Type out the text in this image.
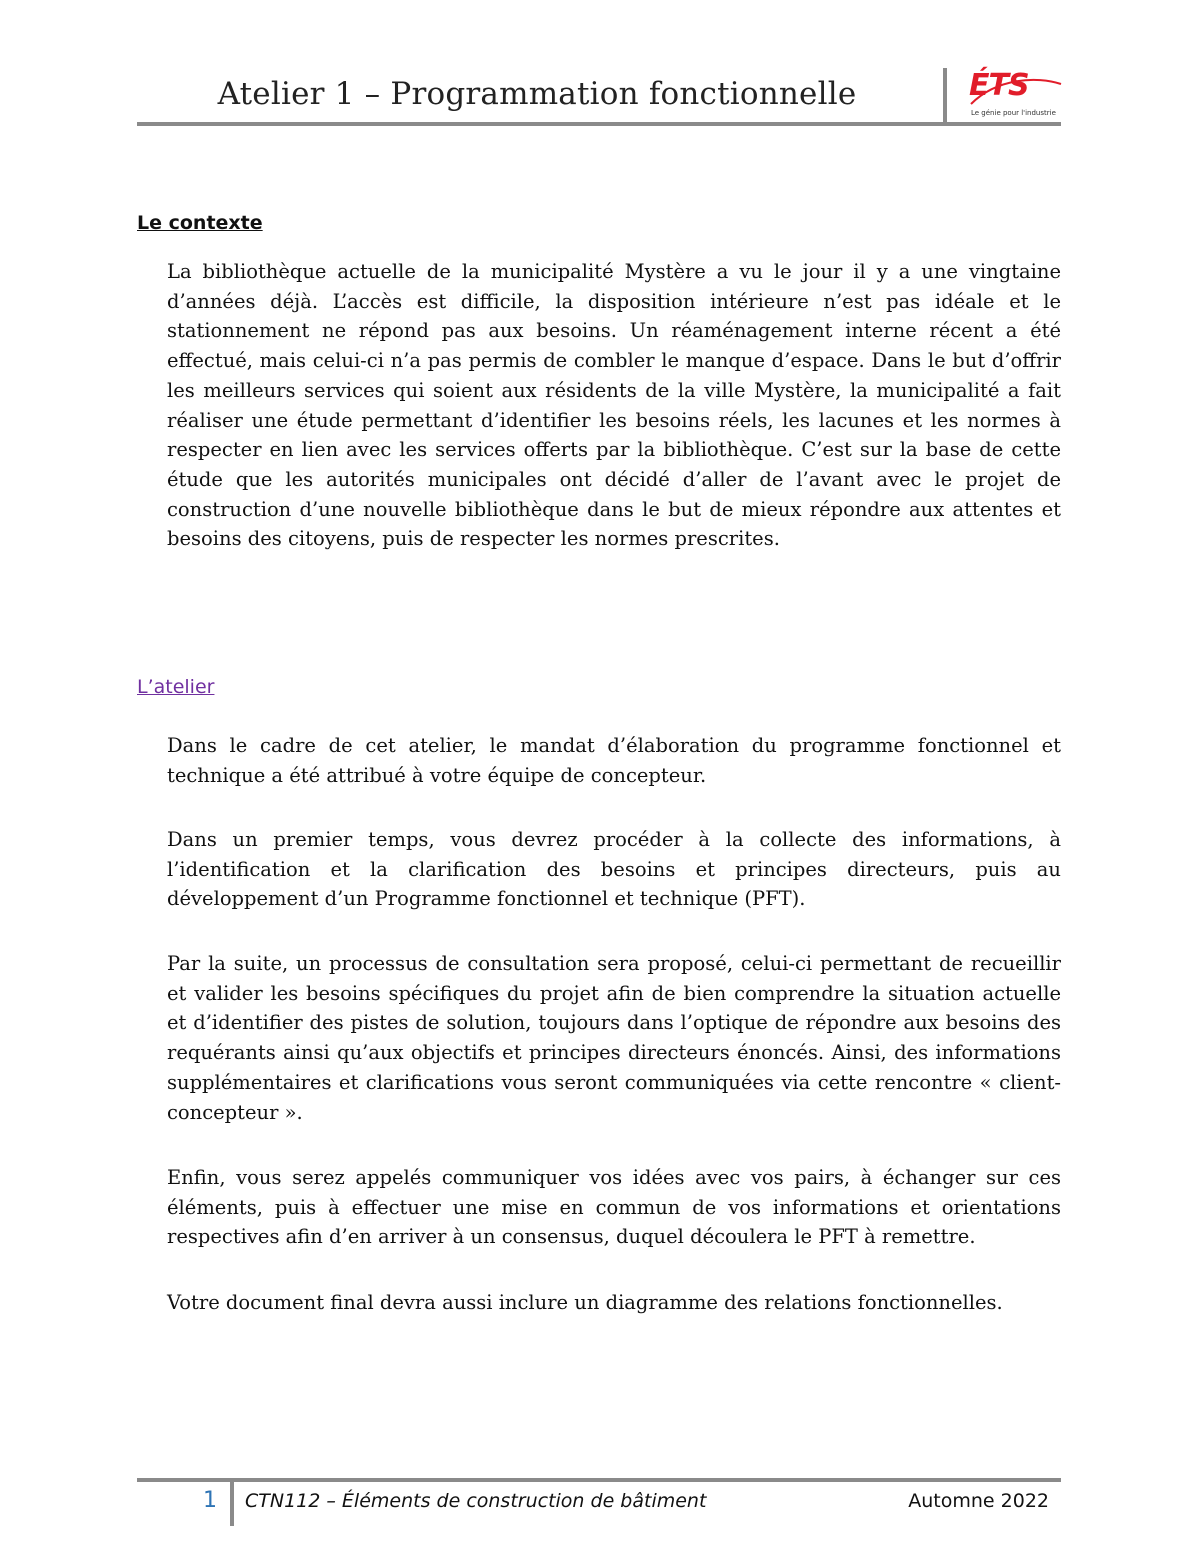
Atelier 1 – Programmation fonctionnelle	ÉTS
Le génie pour l'industrie
Le contexte

La bibliothèque actuelle de la municipalité Mystère a vu le jour il y a une vingtaine d’années déjà. L’accès est difficile, la disposition intérieure n’est pas idéale et le stationnement ne répond pas aux besoins. Un réaménagement interne récent a été effectué, mais celui-ci n’a pas permis de combler le manque d’espace. Dans le but d’offrir les meilleurs services qui soient aux résidents de la ville Mystère, la municipalité a fait réaliser une étude permettant d’identifier les besoins réels, les lacunes et les normes à respecter en lien avec les services offerts par la bibliothèque. C’est sur la base de cette étude que les autorités municipales ont décidé d’aller de l’avant avec le projet de construction d’une nouvelle bibliothèque dans le but de mieux répondre aux attentes et besoins des citoyens, puis de respecter les normes prescrites.

L’atelier

Dans le cadre de cet atelier, le mandat d’élaboration du programme fonctionnel et technique a été attribué à votre équipe de concepteur.

Dans un premier temps, vous devrez procéder à la collecte des informations, à l’identification et la clarification des besoins et principes directeurs, puis au développement d’un Programme fonctionnel et technique (PFT).

Par la suite, un processus de consultation sera proposé, celui-ci permettant de recueillir et valider les besoins spécifiques du projet afin de bien comprendre la situation actuelle et d’identifier des pistes de solution, toujours dans l’optique de répondre aux besoins des requérants ainsi qu’aux objectifs et principes directeurs énoncés. Ainsi, des informations supplémentaires et clarifications vous seront communiquées via cette rencontre « client-concepteur ».

Enfin, vous serez appelés communiquer vos idées avec vos pairs, à échanger sur ces éléments, puis à effectuer une mise en commun de vos informations et orientations respectives afin d’en arriver à un consensus, duquel découlera le PFT à remettre.

Votre document final devra aussi inclure un diagramme des relations fonctionnelles.

1 CTN112 – Éléments de construction de bâtiment	Automne 2022
